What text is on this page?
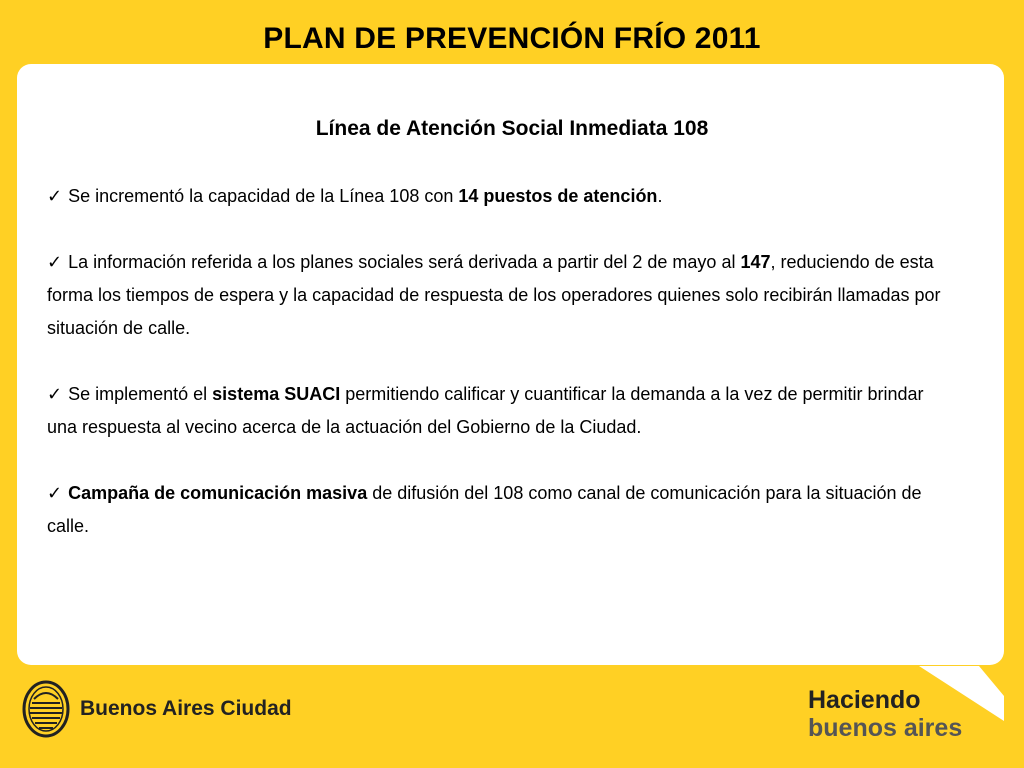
PLAN DE PREVENCIÓN FRÍO 2011
Línea de Atención Social Inmediata 108

✓ Se incrementó la capacidad de la Línea 108 con 14 puestos de atención.

✓ La información referida a los planes sociales será derivada a partir del 2 de mayo al 147, reduciendo de esta forma los tiempos de espera y la capacidad de respuesta de los operadores quienes solo recibirán llamadas por situación de calle.

✓ Se implementó el sistema SUACI permitiendo calificar y cuantificar la demanda a la vez de permitir brindar una respuesta al vecino acerca de la actuación del Gobierno de la Ciudad.

✓ Campaña de comunicación masiva de difusión del 108 como canal de comunicación para la situación de calle.

Buenos Aires Ciudad	Haciendo
buenos aires
